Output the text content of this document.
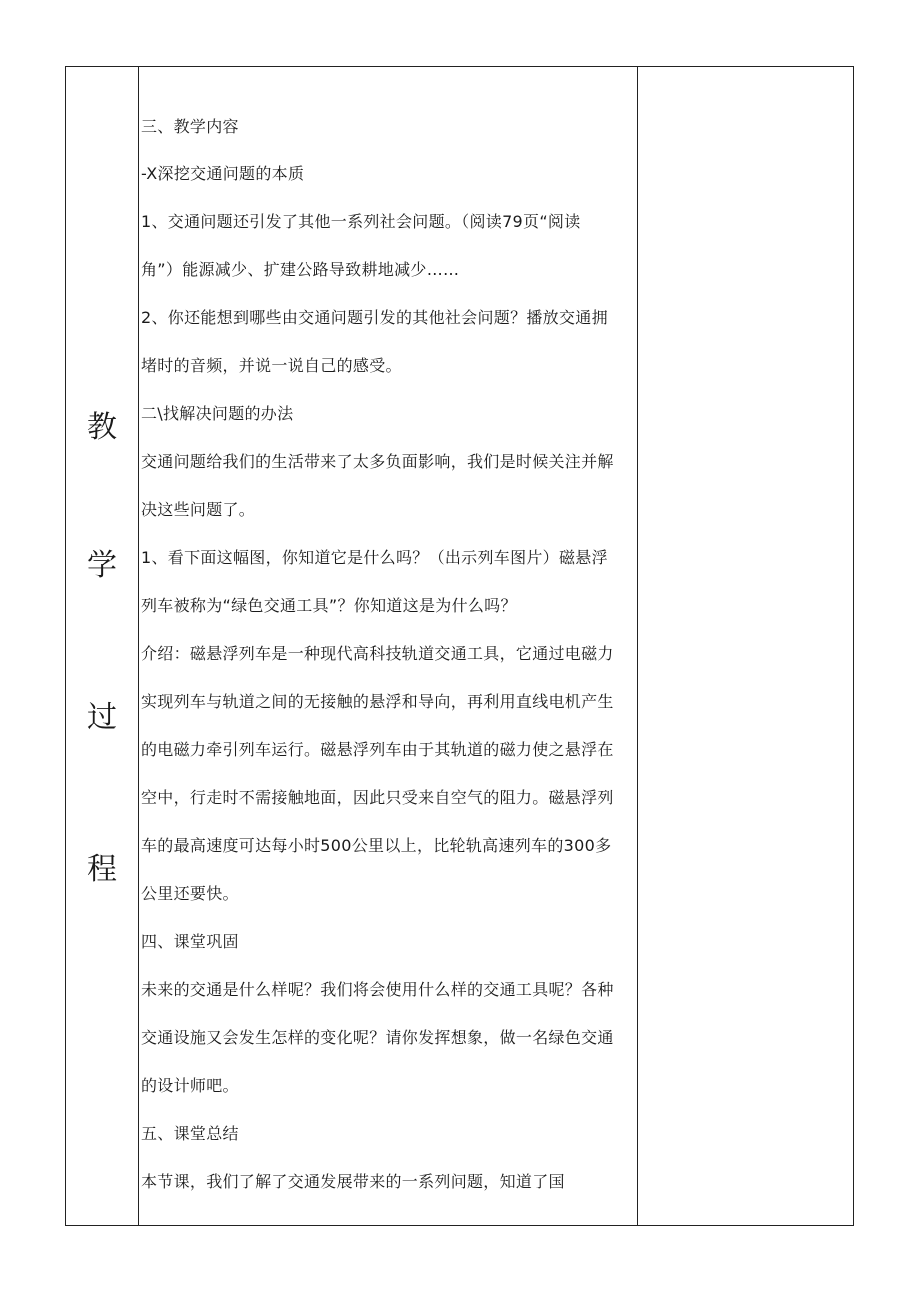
教
学
过
程
三、教学内容
-X深挖交通问题的本质
1、交通问题还引发了其他一系列社会问题。（阅读79页“阅读
角”）能源减少、扩建公路导致耕地减少……
2、你还能想到哪些由交通问题引发的其他社会问题？播放交通拥
堵时的音频，并说一说自己的感受。
二\找解决问题的办法
交通问题给我们的生活带来了太多负面影响，我们是时候关注并解
决这些问题了。
1、看下面这幅图，你知道它是什么吗？（出示列车图片）磁悬浮
列车被称为“绿色交通工具”？你知道这是为什么吗？
介绍：磁悬浮列车是一种现代高科技轨道交通工具，它通过电磁力
实现列车与轨道之间的无接触的悬浮和导向，再利用直线电机产生
的电磁力牵引列车运行。磁悬浮列车由于其轨道的磁力使之悬浮在
空中，行走时不需接触地面，因此只受来自空气的阻力。磁悬浮列
车的最高速度可达每小时500公里以上，比轮轨高速列车的300多
公里还要快。
四、课堂巩固
未来的交通是什么样呢？我们将会使用什么样的交通工具呢？各种
交通设施又会发生怎样的变化呢？请你发挥想象，做一名绿色交通
的设计师吧。
五、课堂总结
本节课，我们了解了交通发展带来的一系列问题，知道了国
